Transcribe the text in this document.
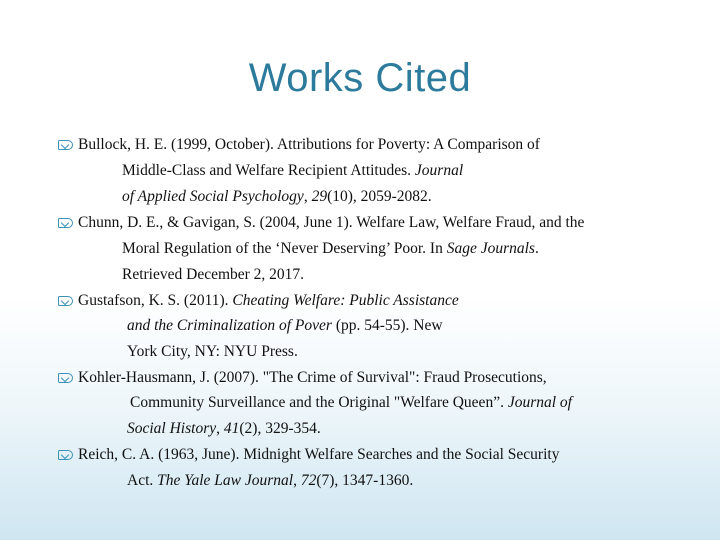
Works Cited
Bullock, H. E. (1999, October). Attributions for Poverty: A Comparison of
Middle-Class and Welfare Recipient Attitudes. Journal
of Applied Social Psychology, 29(10), 2059-2082.
Chunn, D. E., & Gavigan, S. (2004, June 1). Welfare Law, Welfare Fraud, and the
Moral Regulation of the ‘Never Deserving’ Poor. In Sage Journals.
Retrieved December 2, 2017.
Gustafson, K. S. (2011). Cheating Welfare: Public Assistance
and the Criminalization of Pover (pp. 54-55). New
York City, NY: NYU Press.
Kohler-Hausmann, J. (2007). "The Crime of Survival": Fraud Prosecutions,
Community Surveillance and the Original "Welfare Queen”. Journal of
Social History, 41(2), 329-354.
Reich, C. A. (1963, June). Midnight Welfare Searches and the Social Security
Act. The Yale Law Journal, 72(7), 1347-1360.
